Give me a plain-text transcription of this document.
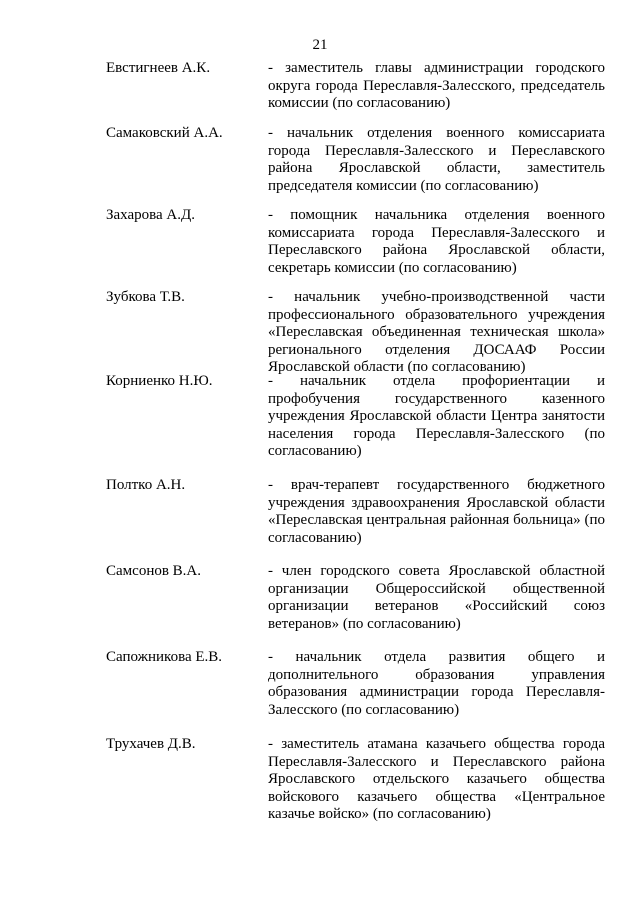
21
Евстигнеев А.К.	- заместитель главы администрации городского округа города Переславля-Залесского, председатель комиссии (по согласованию)
Самаковский А.А.	- начальник отделения военного комиссариата города Переславля-Залесского и Переславского района Ярославской области, заместитель председателя комиссии (по согласованию)
Захарова А.Д.	- помощник начальника отделения военного комиссариата города Переславля-Залесского и Переславского района Ярославской области, секретарь комиссии (по согласованию)
Зубкова Т.В.	- начальник учебно-производственной части профессионального образовательного учреждения «Переславская объединенная техническая школа» регионального отделения ДОСААФ России Ярославской области (по согласованию)
Корниенко Н.Ю.	- начальник отдела профориентации и профобучения государственного казенного учреждения Ярославской области Центра занятости населения города Переславля-Залесского (по согласованию)
Полтко А.Н.	- врач-терапевт государственного бюджетного учреждения здравоохранения Ярославской области «Переславская центральная районная больница» (по согласованию)
Самсонов В.А.	- член городского совета Ярославской областной организации Общероссийской общественной организации ветеранов «Российский союз ветеранов» (по согласованию)
Сапожникова Е.В.	- начальник отдела развития общего и дополнительного образования управления образования администрации города Переславля-Залесского (по согласованию)
Трухачев Д.В.	- заместитель атамана казачьего общества города Переславля-Залесского и Переславского района Ярославского отдельского казачьего общества войскового казачьего общества «Центральное казачье войско» (по согласованию)
